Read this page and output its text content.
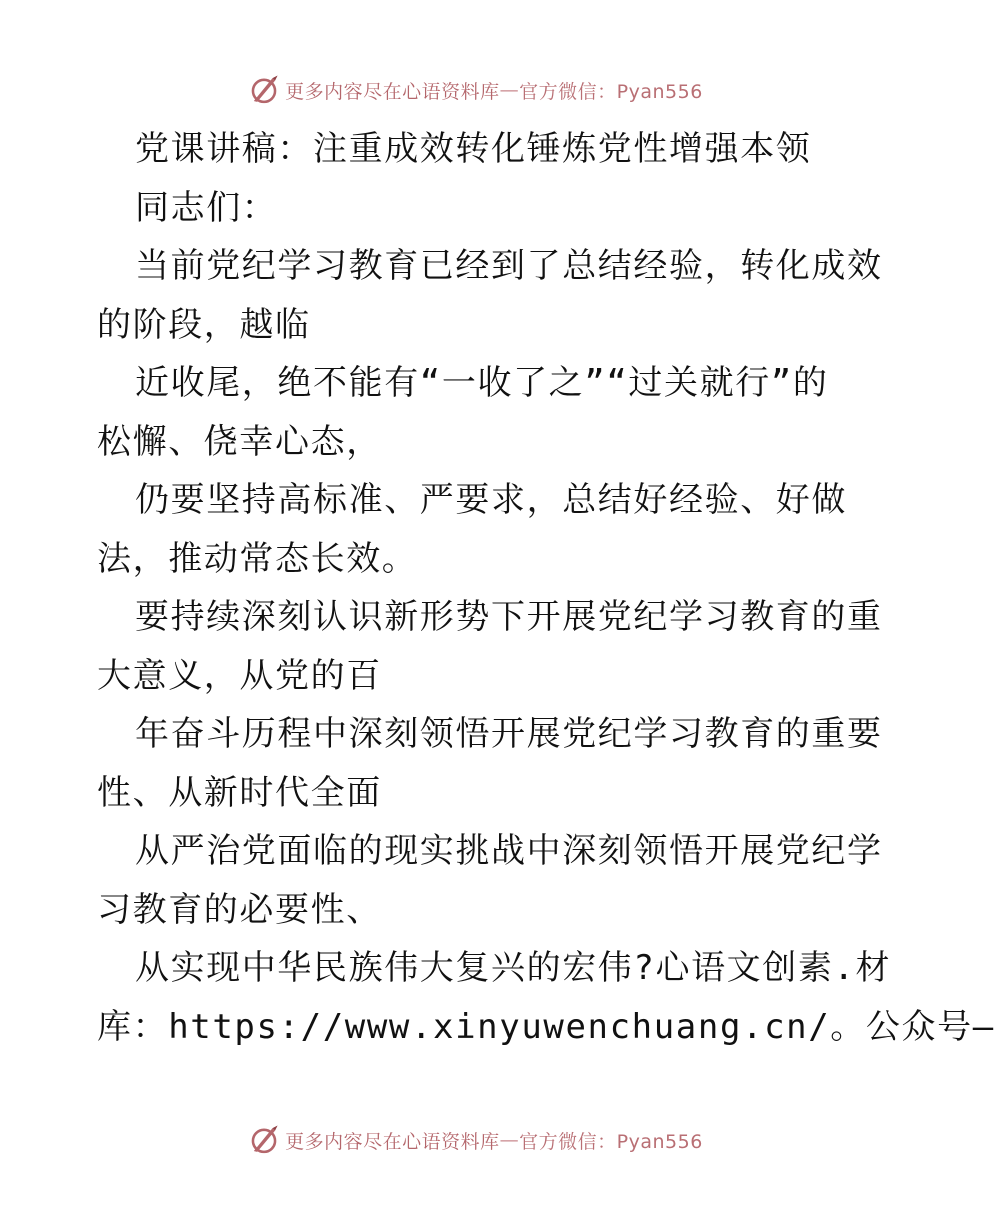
更多内容尽在心语资料库 — 官方微信：Pyan556
党课讲稿：注重成效转化锤炼党性增强本领
同志们：
当前党纪学习教育已经到了总结经验，转化成效
的阶段，越临
近收尾，绝不能有“一收了之”“过关就行”的
松懈、侥幸心态，
仍要坚持高标准、严要求，总结好经验、好做
法，推动常态长效。
要持续深刻认识新形势下开展党纪学习教育的重
大意义，从党的百
年奋斗历程中深刻领悟开展党纪学习教育的重要
性、从新时代全面
从严治党面临的现实挑战中深刻领悟开展党纪学
习教育的必要性、
从实现中华民族伟大复兴的宏伟?心语文创素.材
库：https://www.xinyuwenchuang.cn/。公众号—
更多内容尽在心语资料库 — 官方微信：Pyan556
